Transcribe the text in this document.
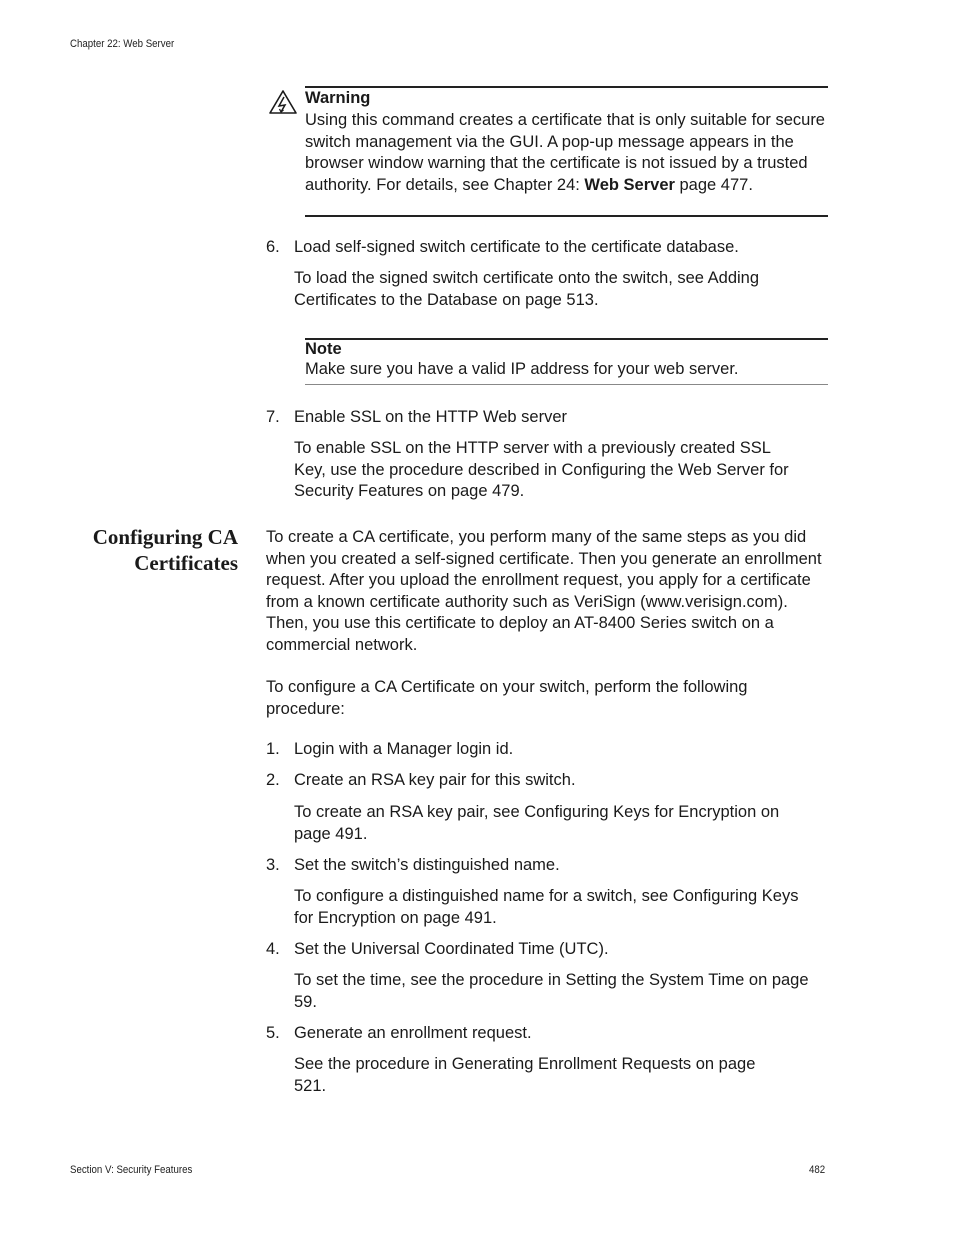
Chapter 22: Web Server
Warning
Using this command creates a certificate that is only suitable for secure switch management via the GUI. A pop-up message appears in the browser window warning that the certificate is not issued by a trusted authority. For details, see Chapter 24: Web Server page 477.
6. Load self-signed switch certificate to the certificate database.
To load the signed switch certificate onto the switch, see Adding Certificates to the Database on page 513.
Note
Make sure you have a valid IP address for your web server.
7. Enable SSL on the HTTP Web server
To enable SSL on the HTTP server with a previously created SSL Key, use the procedure described in Configuring the Web Server for Security Features on page 479.
Configuring CA
Certificates
To create a CA certificate, you perform many of the same steps as you did when you created a self-signed certificate. Then you generate an enrollment request. After you upload the enrollment request, you apply for a certificate from a known certificate authority such as VeriSign (www.verisign.com). Then, you use this certificate to deploy an AT-8400 Series switch on a commercial network.
To configure a CA Certificate on your switch, perform the following procedure:
1. Login with a Manager login id.
2. Create an RSA key pair for this switch.
To create an RSA key pair, see Configuring Keys for Encryption on page 491.
3. Set the switch’s distinguished name.
To configure a distinguished name for a switch, see Configuring Keys for Encryption on page 491.
4. Set the Universal Coordinated Time (UTC).
To set the time, see the procedure in Setting the System Time on page 59.
5. Generate an enrollment request.
See the procedure in Generating Enrollment Requests on page 521.
Section V: Security Features	482
